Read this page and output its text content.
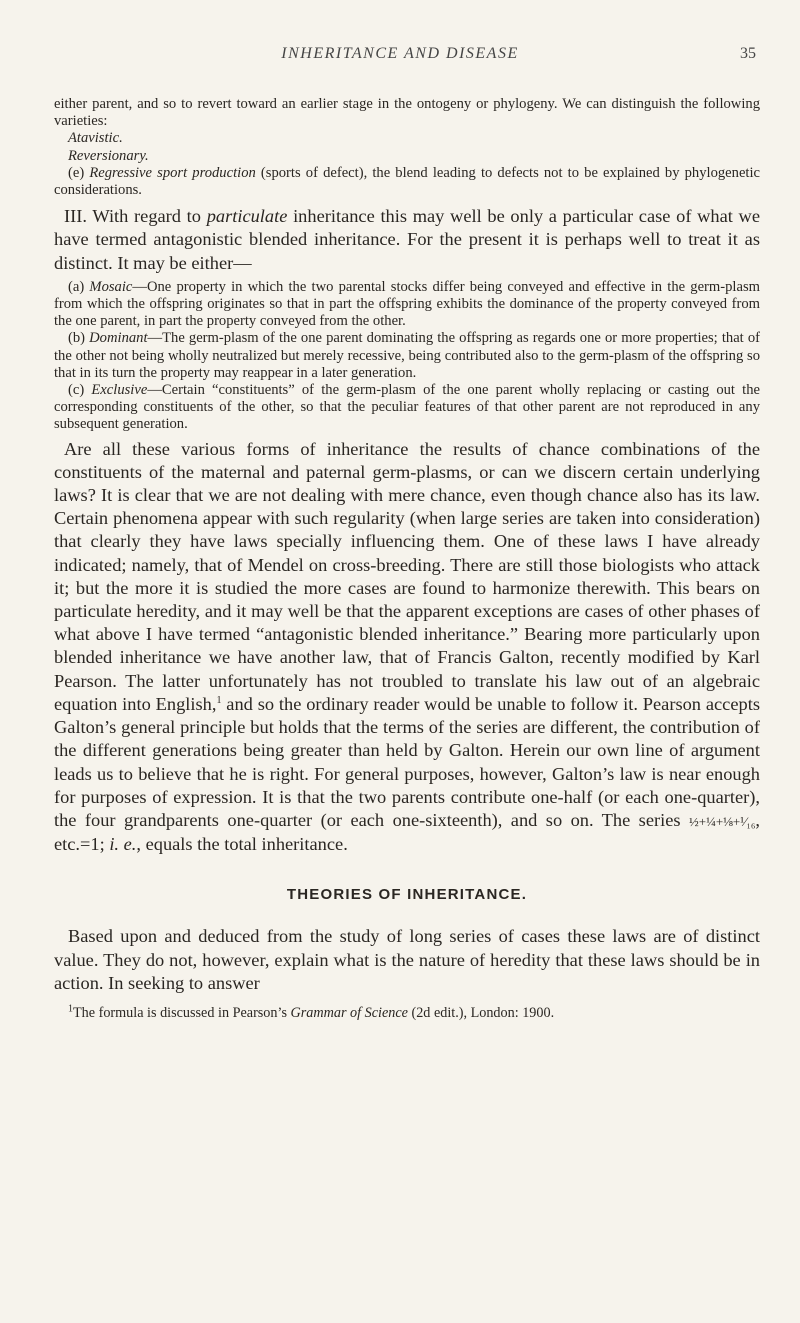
INHERITANCE AND DISEASE	35

either parent, and so to revert toward an earlier stage in the ontogeny or phylogeny. We can distinguish the following varieties:

Atavistic.

Reversionary.

(e) Regressive sport production (sports of defect), the blend leading to defects not to be explained by phylogenetic considerations.

III. With regard to particulate inheritance this may well be only a particular case of what we have termed antagonistic blended inheritance. For the present it is perhaps well to treat it as distinct. It may be either—

(a) Mosaic—One property in which the two parental stocks differ being conveyed and effective in the germ-plasm from which the offspring originates so that in part the offspring exhibits the dominance of the property conveyed from the one parent, in part the property conveyed from the other.

(b) Dominant—The germ-plasm of the one parent dominating the offspring as regards one or more properties; that of the other not being wholly neutralized but merely recessive, being contributed also to the germ-plasm of the offspring so that in its turn the property may reappear in a later generation.

(c) Exclusive—Certain “constituents” of the germ-plasm of the one parent wholly replacing or casting out the corresponding constituents of the other, so that the peculiar features of that other parent are not reproduced in any subsequent generation.

Are all these various forms of inheritance the results of chance combinations of the constituents of the maternal and paternal germ-plasms, or can we discern certain underlying laws? It is clear that we are not dealing with mere chance, even though chance also has its law. Certain phenomena appear with such regularity (when large series are taken into consideration) that clearly they have laws specially influencing them. One of these laws I have already indicated; namely, that of Mendel on cross-breeding. There are still those biologists who attack it; but the more it is studied the more cases are found to harmonize therewith. This bears on particulate heredity, and it may well be that the apparent exceptions are cases of other phases of what above I have termed “antagonistic blended inheritance.” Bearing more particularly upon blended inheritance we have another law, that of Francis Galton, recently modified by Karl Pearson. The latter unfortunately has not troubled to translate his law out of an algebraic equation into English,$^1$ and so the ordinary reader would be unable to follow it. Pearson accepts Galton’s general principle but holds that the terms of the series are different, the contribution of the different generations being greater than held by Galton. Herein our own line of argument leads us to believe that he is right. For general purposes, however, Galton’s law is near enough for purposes of expression. It is that the two parents contribute one-half (or each one-quarter), the four grandparents one-quarter (or each one-sixteenth), and so on. The series ½+¼+⅛+¹⁄₁₆, etc.=1; i. e., equals the total inheritance.

THEORIES OF INHERITANCE.

Based upon and deduced from the study of long series of cases these laws are of distinct value. They do not, however, explain what is the nature of heredity that these laws should be in action. In seeking to answer

$^1$The formula is discussed in Pearson’s Grammar of Science (2d edit.), London: 1900.
